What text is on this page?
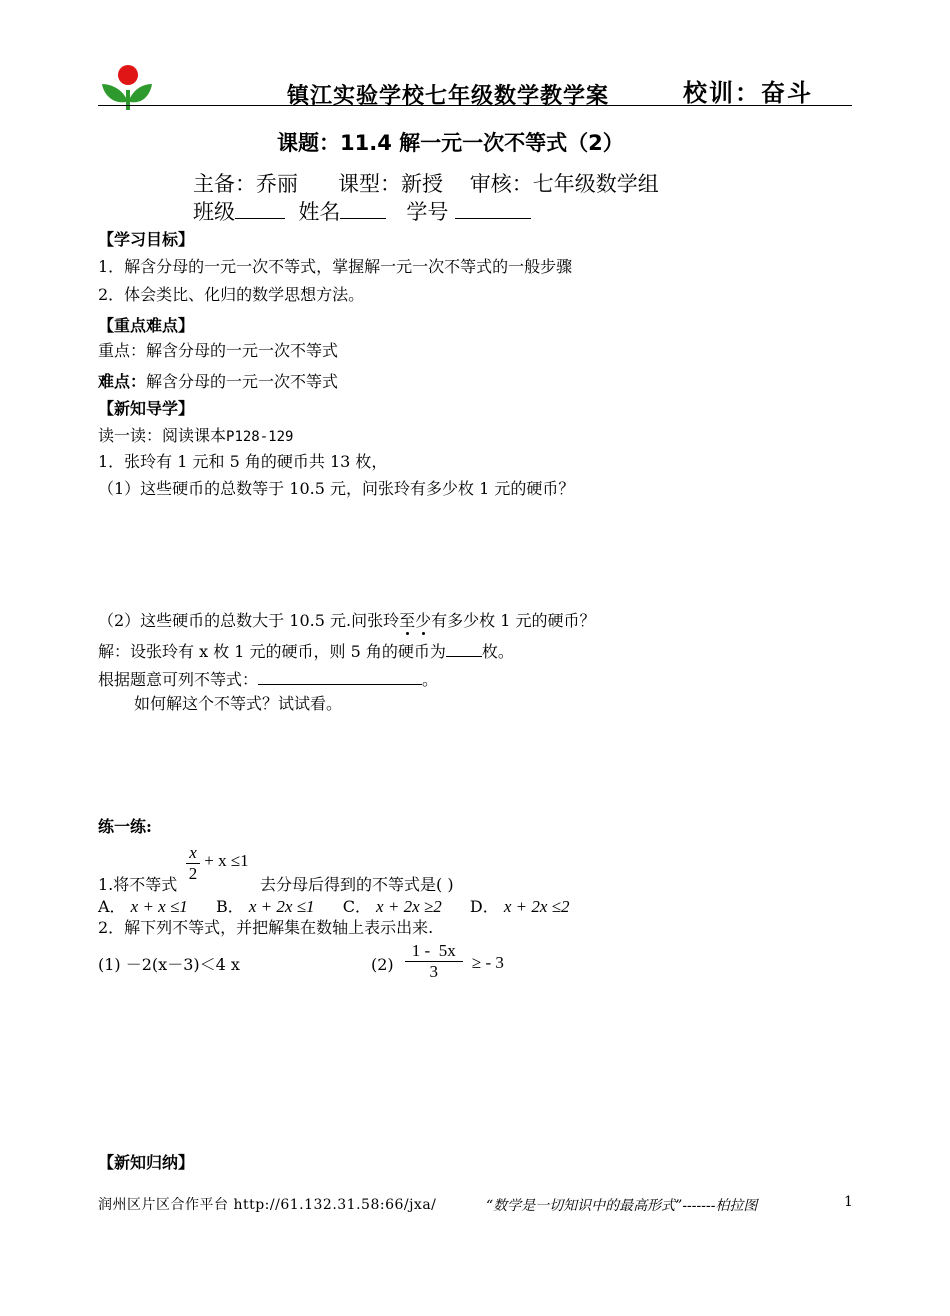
镇江实验学校七年级数学教学案	校训：奋斗
课题：11.4 解一元一次不等式（2）
主备：乔丽      课型：新授    审核：七年级数学组
班级	姓名	学号
【学习目标】
1．解含分母的一元一次不等式，掌握解一元一次不等式的一般步骤
2．体会类比、化归的数学思想方法。
【重点难点】
重点：解含分母的一元一次不等式
难点：解含分母的一元一次不等式
【新知导学】
读一读：阅读课本P128-129
1．张玲有 1 元和 5 角的硬币共 13 枚，
（1）这些硬币的总数等于 10.5 元，问张玲有多少枚 1 元的硬币？
（2）这些硬币的总数大于 10.5 元.问张玲至少有多少枚 1 元的硬币？
解：设张玲有 x 枚 1 元的硬币，则 5 角的硬币为 枚。
根据题意可列不等式：	。
如何解这个不等式？试试看。
练一练:
$\frac{x}{2} + x \le 1$
1.将不等式	去分母后得到的不等式是( )
A． x + x ≤1 B． x + 2x ≤1 C． x + 2x ≥2 D． x + 2x ≤2
2．解下列不等式，并把解集在数轴上表示出来.
(1) －2(x－3)＜4 x	$(2) \frac{1 - 5x}{3}$ ≥ - 3
【新知归纳】
润州区片区合作平台 http://61.132.31.58:66/jxa/	“数学是一切知识中的最高形式”-------柏拉图	1
